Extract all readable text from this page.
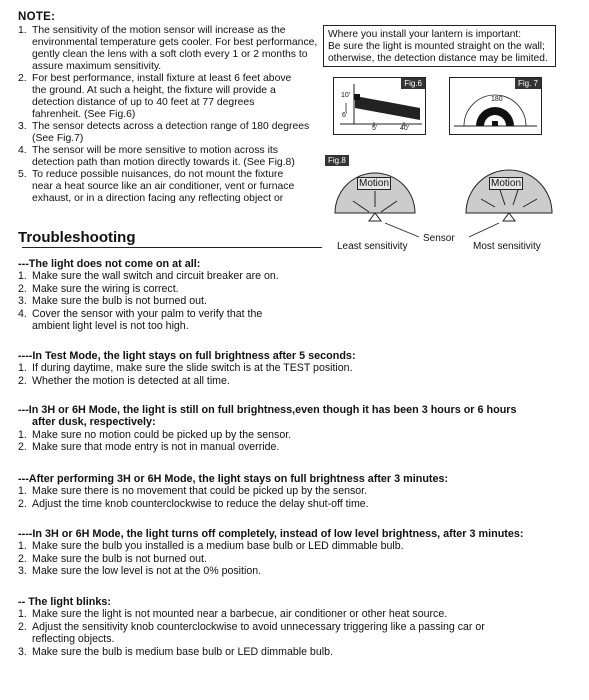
NOTE:
1. The sensitivity of the motion sensor will increase as the
environmental temperature gets cooler. For best performance,
gently clean the lens with a soft cloth every 1 or 2 months to
assure maximum sensitivity.
2. For best performance, install fixture at least 6 feet above
the ground. At such a height, the fixture will provide a
detection distance of up to 40 feet at 77 degrees
fahrenheit. (See Fig.6)
3. The sensor detects across a detection range of 180 degrees
(See Fig.7)
4. The sensor will be more sensitive to motion across its
detection path than motion directly towards it. (See Fig.8)
5. To reduce possible nuisances, do not mount the fixture
near a heat source like an air conditioner, vent or furnace
exhaust, or in a direction facing any reflecting object or
Where you install your lantern is important:
Be sure the light is mounted straight on the wall;
otherwise, the detection distance may be limited.
Fig.6
10'
6'
5'	40'
Fig. 7
180
Fig.8
Motion	Motion
Sensor
Least sensitivity	Most sensitivity
Troubleshooting
---The light does not come on at all:
1. Make sure the wall switch and circuit breaker are on.
2. Make sure the wiring is correct.
3. Make sure the bulb is not burned out.
4. Cover the sensor with your palm to verify that the
ambient light level is not too high.
----In Test Mode, the light stays on full brightness after 5 seconds:
1. If during daytime, make sure the slide switch is at the TEST position.
2. Whether the motion is detected at all time.
---In 3H or 6H Mode, the light is still on full brightness,even though it has been 3 hours or 6 hours
after dusk, respectively:
1. Make sure no motion could be picked up by the sensor.
2. Make sure that mode entry is not in manual override.
---After performing 3H or 6H Mode, the light stays on full brightness after 3 minutes:
1. Make sure there is no movement that could be picked up by the sensor.
2. Adjust the time knob counterclockwise to reduce the delay shut-off time.
----In 3H or 6H Mode, the light turns off completely, instead of low level brightness, after 3 minutes:
1. Make sure the bulb you installed is a medium base bulb or LED dimmable bulb.
2. Make sure the bulb is not burned out.
3. Make sure the low level is not at the 0% position.
-- The light blinks:
1. Make sure the light is not mounted near a barbecue, air conditioner or other heat source.
2. Adjust the sensitivity knob counterclockwise to avoid unnecessary triggering like a passing car or
reflecting objects.
3. Make sure the bulb is medium base bulb or LED dimmable bulb.
